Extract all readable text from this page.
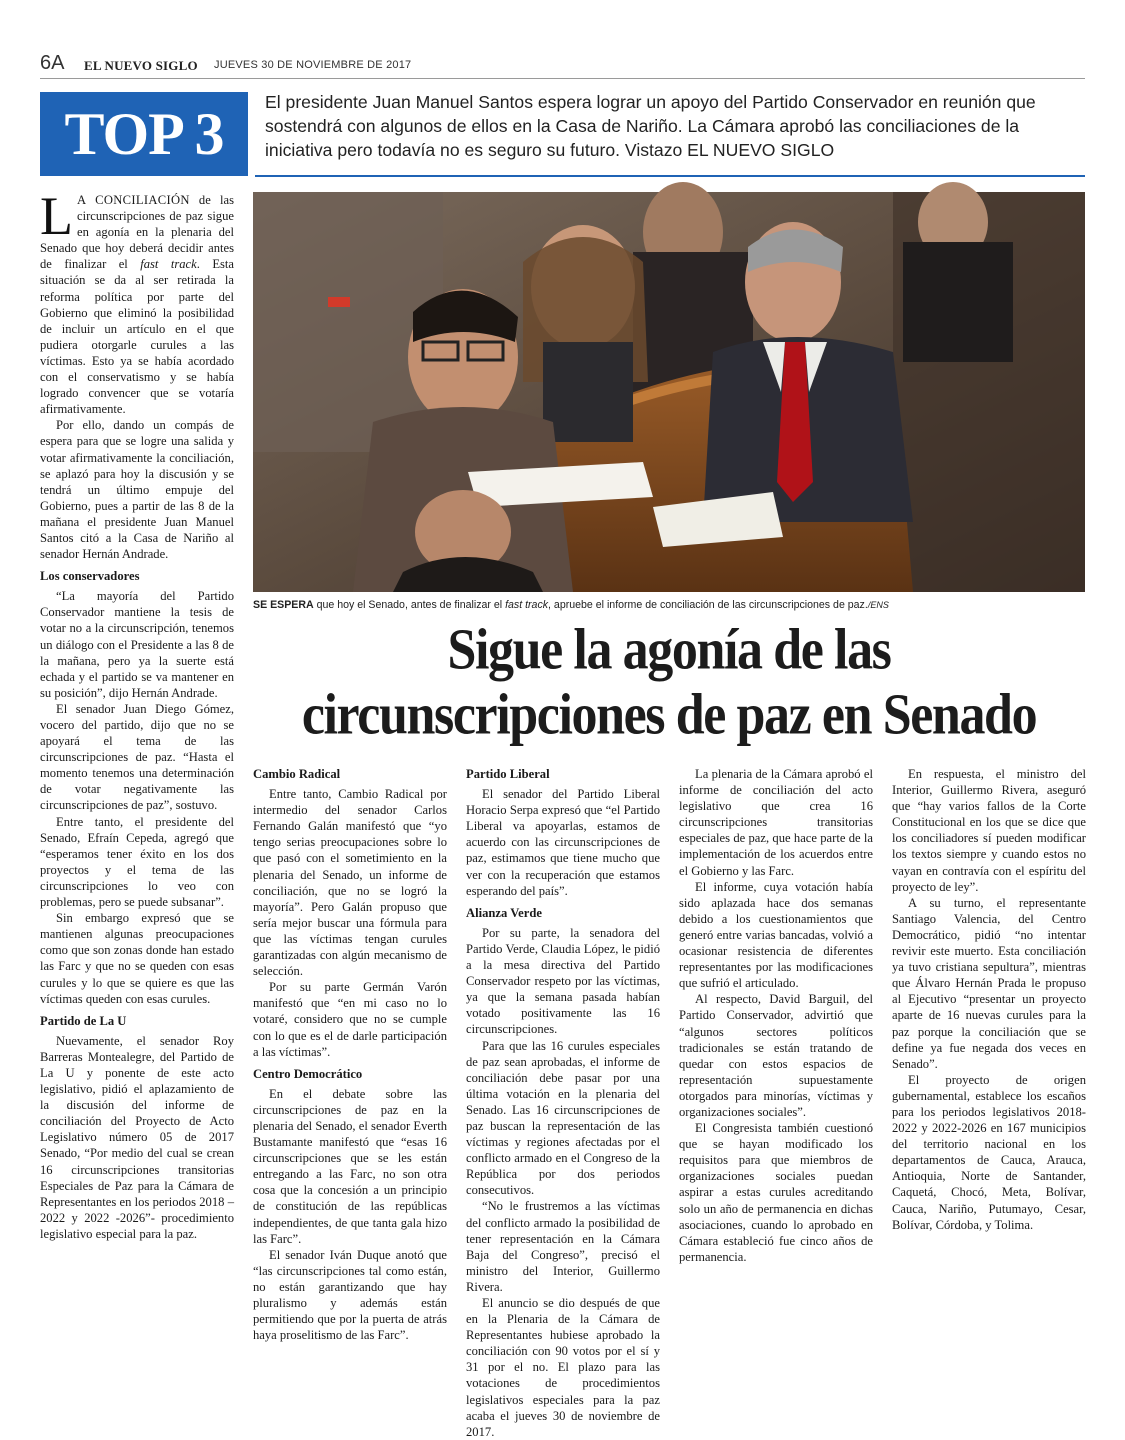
6A EL NUEVO SIGLO JUEVES 30 DE NOVIEMBRE DE 2017
TOP 3	El presidente Juan Manuel Santos espera lograr un apoyo del Partido Conservador en reunión que sostendrá con algunos de ellos en la Casa de Nariño. La Cámara aprobó las conciliaciones de la iniciativa pero todavía no es seguro su futuro. Vistazo EL NUEVO SIGLO

L A CONCILIACIÓN de las circunscripciones de paz sigue en agonía en la plenaria del Senado que hoy deberá decidir antes de finalizar el fast track. Esta situación se da al ser retirada la reforma política por parte del Gobierno que eliminó la posibilidad de incluir un artículo en el que pudiera otorgarle curules a las víctimas. Esto ya se había acordado con el conservatismo y se había logrado convencer que se votaría afirmativamente.

Por ello, dando un compás de espera para que se logre una salida y votar afirmativamente la conciliación, se aplazó para hoy la discusión y se tendrá un último empuje del Gobierno, pues a partir de las 8 de la mañana el presidente Juan Manuel Santos citó a la Casa de Nariño al senador Hernán Andrade.

Los conservadores

“La mayoría del Partido Conservador mantiene la tesis de votar no a la circunscripción, tenemos un diálogo con el Presidente a las 8 de la mañana, pero ya la suerte está echada y el partido se va mantener en su posición”, dijo Hernán Andrade.

El senador Juan Diego Gómez, vocero del partido, dijo que no se apoyará el tema de las circunscripciones de paz. “Hasta el momento tenemos una determinación de votar negativamente las circunscripciones de paz”, sostuvo.

Entre tanto, el presidente del Senado, Efraín Cepeda, agregó que “esperamos tener éxito en los dos proyectos y el tema de las circunscripciones lo veo con problemas, pero se puede subsanar”.

Sin embargo expresó que se mantienen algunas preocupaciones como que son zonas donde han estado las Farc y que no se queden con esas curules y lo que se quiere es que las víctimas queden con esas curules.

Partido de La U

Nuevamente, el senador Roy Barreras Montealegre, del Partido de La U y ponente de este acto legislativo, pidió el aplazamiento de la discusión del informe de conciliación del Proyecto de Acto Legislativo número 05 de 2017 Senado, “Por medio del cual se crean 16 circunscripciones transitorias Especiales de Paz para la Cámara de Representantes en los periodos 2018 – 2022 y 2022 -2026”- procedimiento legislativo especial para la paz.

SE ESPERA que hoy el Senado, antes de finalizar el fast track, apruebe el informe de conciliación de las circunscripciones de paz./ENS
Sigue la agonía de las
circunscripciones de paz en Senado
Cambio Radical

Entre tanto, Cambio Radical por intermedio del senador Carlos Fernando Galán manifestó que “yo tengo serias preocupaciones sobre lo que pasó con el sometimiento en la plenaria del Senado, un informe de conciliación, que no se logró la mayoría”. Pero Galán propuso que sería mejor buscar una fórmula para que las víctimas tengan curules garantizadas con algún mecanismo de selección.

Por su parte Germán Varón manifestó que “en mi caso no lo votaré, considero que no se cumple con lo que es el de darle participación a las víctimas”.

Centro Democrático

En el debate sobre las circunscripciones de paz en la plenaria del Senado, el senador Everth Bustamante manifestó que “esas 16 circunscripciones que se les están entregando a las Farc, no son otra cosa que la concesión a un principio de constitución de las repúblicas independientes, de que tanta gala hizo las Farc”.

El senador Iván Duque anotó que “las circunscripciones tal como están, no están garantizando que hay pluralismo y además están permitiendo que por la puerta de atrás haya proselitismo de las Farc”.

Partido Liberal

El senador del Partido Liberal Horacio Serpa expresó que “el Partido Liberal va apoyarlas, estamos de acuerdo con las circunscripciones de paz, estimamos que tiene mucho que ver con la recuperación que estamos esperando del país”.

Alianza Verde

Por su parte, la senadora del Partido Verde, Claudia López, le pidió a la mesa directiva del Partido Conservador respeto por las víctimas, ya que la semana pasada habían votado positivamente las 16 circunscripciones.

Para que las 16 curules especiales de paz sean aprobadas, el informe de conciliación debe pasar por una última votación en la plenaria del Senado. Las 16 circunscripciones de paz buscan la representación de las víctimas y regiones afectadas por el conflicto armado en el Congreso de la República por dos periodos consecutivos.

“No le frustremos a las víctimas del conflicto armado la posibilidad de tener representación en la Cámara Baja del Congreso”, precisó el ministro del Interior, Guillermo Rivera.

El anuncio se dio después de que en la Plenaria de la Cámara de Representantes hubiese aprobado la conciliación con 90 votos por el sí y 31 por el no. El plazo para las votaciones de procedimientos legislativos especiales para la paz acaba el jueves 30 de noviembre de 2017.

La plenaria de la Cámara aprobó el informe de conciliación del acto legislativo que crea 16 circunscripciones transitorias especiales de paz, que hace parte de la implementación de los acuerdos entre el Gobierno y las Farc.

El informe, cuya votación había sido aplazada hace dos semanas debido a los cuestionamientos que generó entre varias bancadas, volvió a ocasionar resistencia de diferentes representantes por las modificaciones que sufrió el articulado.

Al respecto, David Barguil, del Partido Conservador, advirtió que “algunos sectores políticos tradicionales se están tratando de quedar con estos espacios de representación supuestamente otorgados para minorías, víctimas y organizaciones sociales”.

El Congresista también cuestionó que se hayan modificado los requisitos para que miembros de organizaciones sociales puedan aspirar a estas curules acreditando solo un año de permanencia en dichas asociaciones, cuando lo aprobado en Cámara estableció fue cinco años de permanencia.

En respuesta, el ministro del Interior, Guillermo Rivera, aseguró que “hay varios fallos de la Corte Constitucional en los que se dice que los conciliadores sí pueden modificar los textos siempre y cuando estos no vayan en contravía con el espíritu del proyecto de ley”.

A su turno, el representante Santiago Valencia, del Centro Democrático, pidió “no intentar revivir este muerto. Esta conciliación ya tuvo cristiana sepultura”, mientras que Álvaro Hernán Prada le propuso al Ejecutivo “presentar un proyecto aparte de 16 nuevas curules para la paz porque la conciliación que se define ya fue negada dos veces en Senado”.

El proyecto de origen gubernamental, establece los escaños para los periodos legislativos 2018-2022 y 2022-2026 en 167 municipios del territorio nacional en los departamentos de Cauca, Arauca, Antioquia, Norte de Santander, Caquetá, Chocó, Meta, Bolívar, Cauca, Nariño, Putumayo, Cesar, Bolívar, Córdoba, y Tolima.
